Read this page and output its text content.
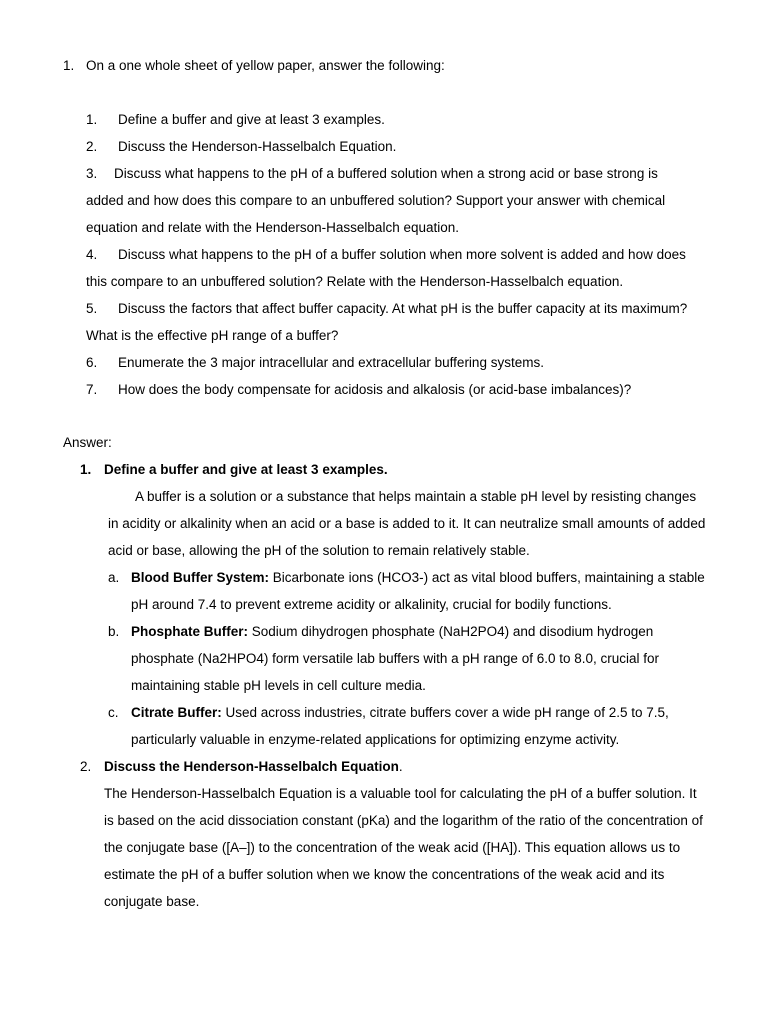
1. On a one whole sheet of yellow paper, answer the following:
1. Define a buffer and give at least 3 examples.
2. Discuss the Henderson-Hasselbalch Equation.
3. Discuss what happens to the pH of a buffered solution when a strong acid or base strong is
added and how does this compare to an unbuffered solution? Support your answer with chemical
equation and relate with the Henderson-Hasselbalch equation.
4. Discuss what happens to the pH of a buffer solution when more solvent is added and how does
this compare to an unbuffered solution? Relate with the Henderson-Hasselbalch equation.
5. Discuss the factors that affect buffer capacity. At what pH is the buffer capacity at its maximum?
What is the effective pH range of a buffer?
6. Enumerate the 3 major intracellular and extracellular buffering systems.
7. How does the body compensate for acidosis and alkalosis (or acid-base imbalances)?
Answer:
1. Define a buffer and give at least 3 examples.
A buffer is a solution or a substance that helps maintain a stable pH level by resisting changes
in acidity or alkalinity when an acid or a base is added to it. It can neutralize small amounts of added
acid or base, allowing the pH of the solution to remain relatively stable.
a. Blood Buffer System: Bicarbonate ions (HCO3-) act as vital blood buffers, maintaining a stable
pH around 7.4 to prevent extreme acidity or alkalinity, crucial for bodily functions.
b. Phosphate Buffer: Sodium dihydrogen phosphate (NaH2PO4) and disodium hydrogen
phosphate (Na2HPO4) form versatile lab buffers with a pH range of 6.0 to 8.0, crucial for
maintaining stable pH levels in cell culture media.
c. Citrate Buffer: Used across industries, citrate buffers cover a wide pH range of 2.5 to 7.5,
particularly valuable in enzyme-related applications for optimizing enzyme activity.
2. Discuss the Henderson-Hasselbalch Equation.
The Henderson-Hasselbalch Equation is a valuable tool for calculating the pH of a buffer solution. It
is based on the acid dissociation constant (pKa) and the logarithm of the ratio of the concentration of
the conjugate base ([A–]) to the concentration of the weak acid ([HA]). This equation allows us to
estimate the pH of a buffer solution when we know the concentrations of the weak acid and its
conjugate base.
